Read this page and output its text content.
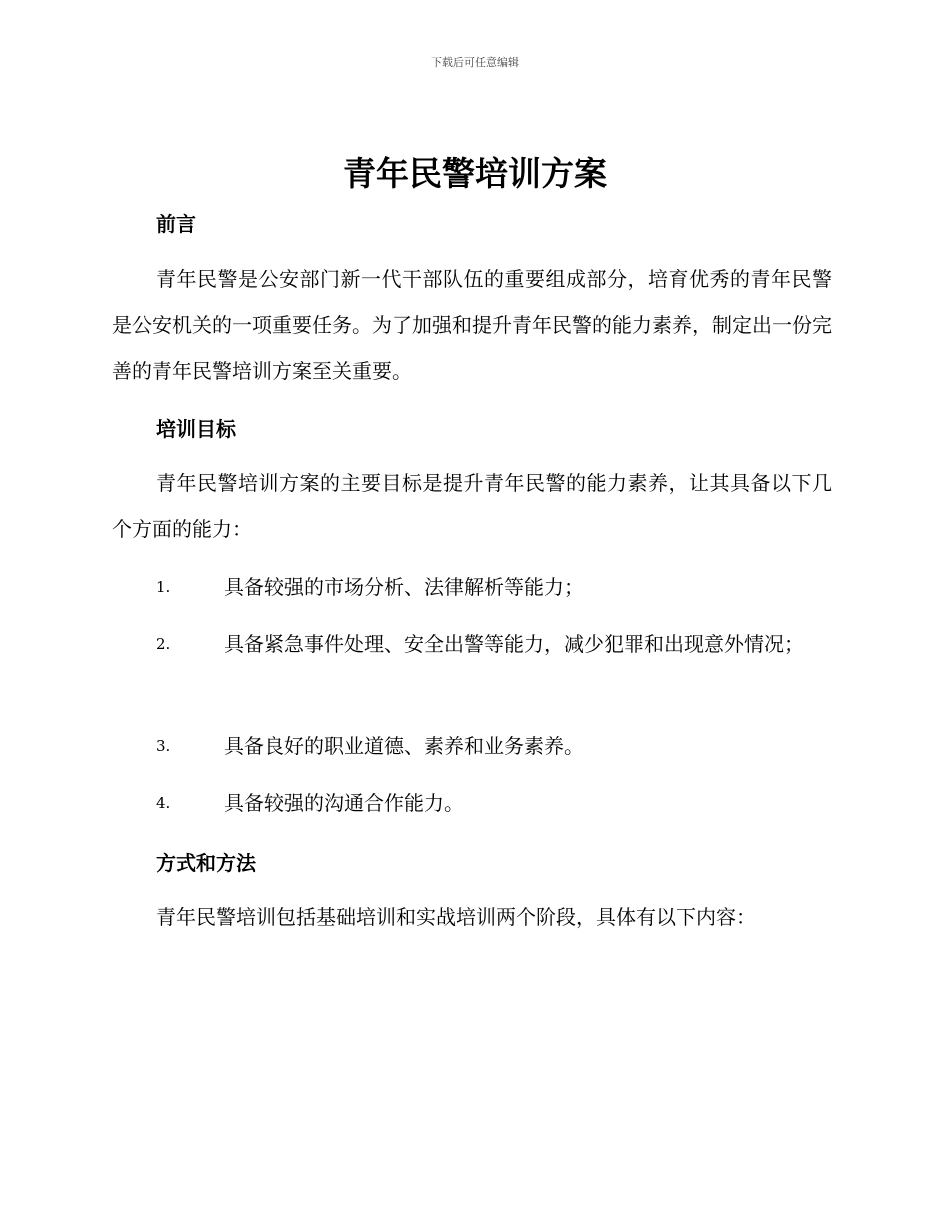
下载后可任意编辑
青年民警培训方案
前言
青年民警是公安部门新一代干部队伍的重要组成部分，培育优秀的青年民警是公安机关的一项重要任务。为了加强和提升青年民警的能力素养，制定出一份完善的青年民警培训方案至关重要。
培训目标
青年民警培训方案的主要目标是提升青年民警的能力素养，让其具备以下几个方面的能力：
1.	具备较强的市场分析、法律解析等能力；
2.	具备紧急事件处理、安全出警等能力，减少犯罪和出现意外情况；
3.	具备良好的职业道德、素养和业务素养。
4.	具备较强的沟通合作能力。
方式和方法
青年民警培训包括基础培训和实战培训两个阶段，具体有以下内容：
